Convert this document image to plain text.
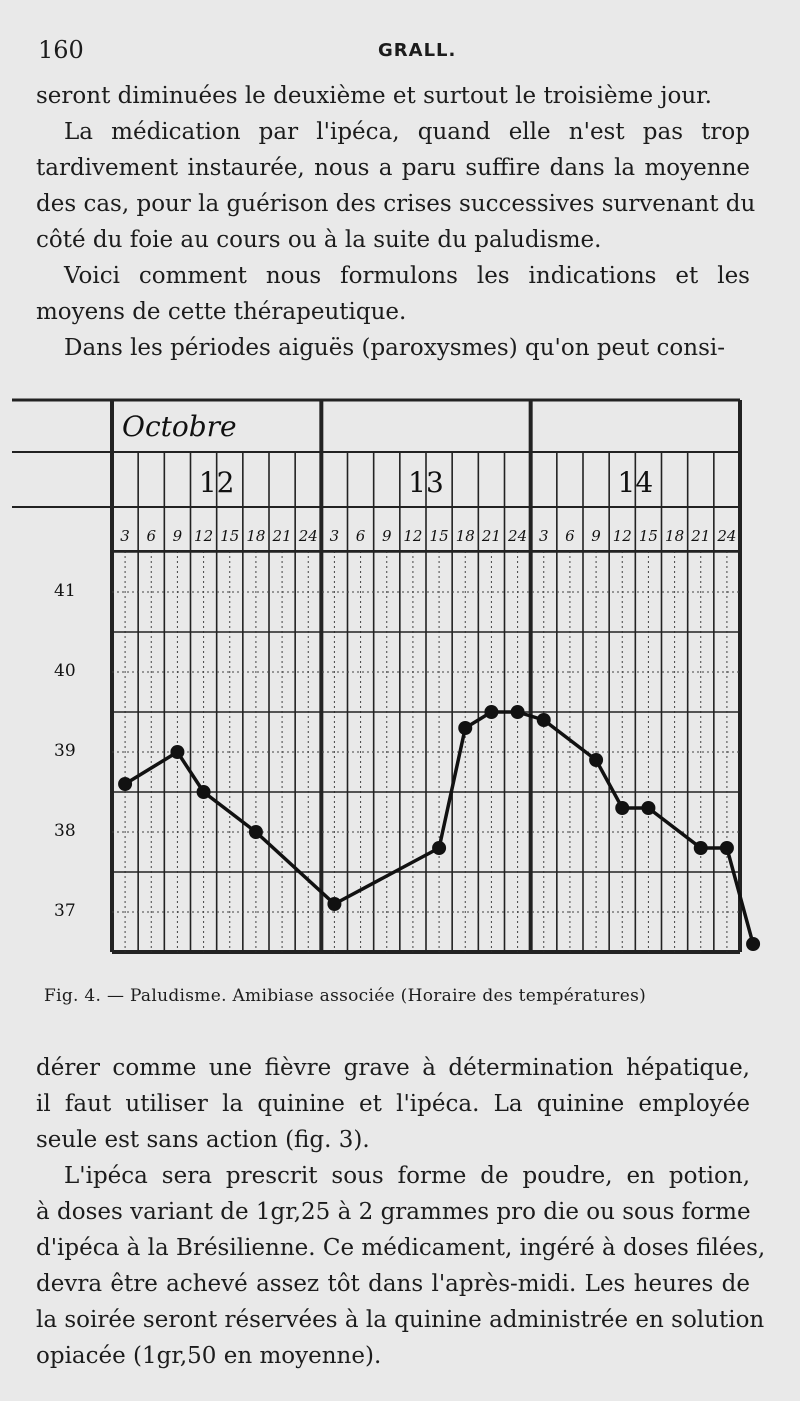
160	GRALL.
seront diminuées le deuxième et surtout le troisième jour.
La médication par l'ipéca, quand elle n'est pas trop
tardivement instaurée, nous a paru suffire dans la moyenne
des cas, pour la guérison des crises successives survenant du
côté du foie au cours ou à la suite du paludisme.
Voici comment nous formulons les indications et les
moyens de cette thérapeutique.
Dans les périodes aiguës (paroxysmes) qu'on peut consi-
Octobre
12	13	14
3 6 9 12 15 18 21 24 3 6 9 12 15 18 21 24 3 6 9 12 15 18 21 24
41
40
39
38
37
Fig. 4. — Paludisme. Amibiase associée (Horaire des températures)
dérer comme une fièvre grave à détermination hépatique,
il faut utiliser la quinine et l'ipéca. La quinine employée
seule est sans action (fig. 3).
L'ipéca sera prescrit sous forme de poudre, en potion,
à doses variant de 1gr,25 à 2 grammes pro die ou sous forme
d'ipéca à la Brésilienne. Ce médicament, ingéré à doses filées,
devra être achevé assez tôt dans l'après-midi. Les heures de
la soirée seront réservées à la quinine administrée en solution
opiacée (1gr,50 en moyenne).
